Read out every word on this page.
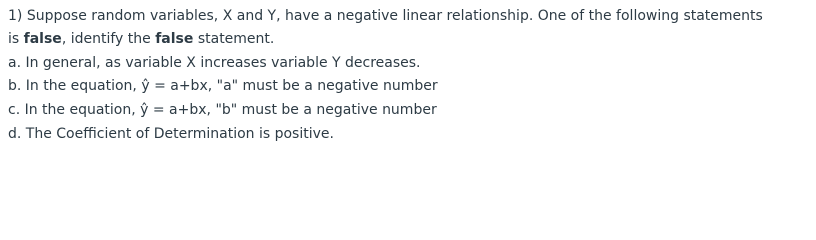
1) Suppose random variables, X and Y, have a negative linear relationship. One of the following statements
is false, identify the false statement.
a. In general, as variable X increases variable Y decreases.
b. In the equation, ŷ = a+bx, "a" must be a negative number
c. In the equation, ŷ = a+bx, "b" must be a negative number
d. The Coefficient of Determination is positive.
